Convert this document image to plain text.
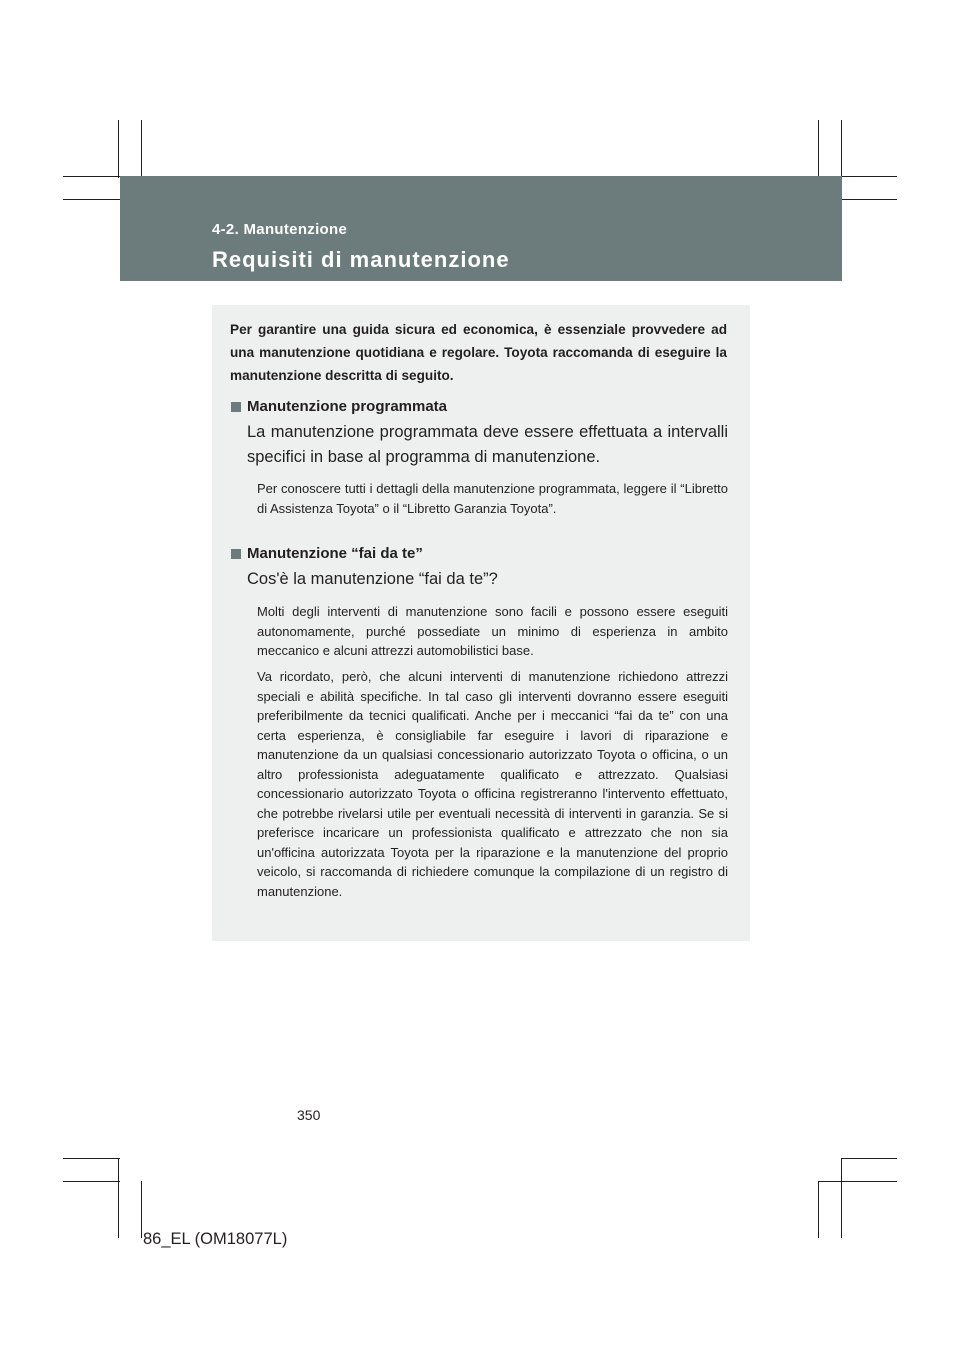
4-2. Manutenzione
Requisiti di manutenzione

Per garantire una guida sicura ed economica, è essenziale provvedere ad una manutenzione quotidiana e regolare. Toyota raccomanda di eseguire la manutenzione descritta di seguito.

Manutenzione programmata

La manutenzione programmata deve essere effettuata a intervalli specifici in base al programma di manutenzione.

Per conoscere tutti i dettagli della manutenzione programmata, leggere il “Libretto di Assistenza Toyota” o il “Libretto Garanzia Toyota”.

Manutenzione “fai da te”

Cos'è la manutenzione “fai da te”?

Molti degli interventi di manutenzione sono facili e possono essere eseguiti autonomamente, purché possediate un minimo di esperienza in ambito meccanico e alcuni attrezzi automobilistici base.

Va ricordato, però, che alcuni interventi di manutenzione richiedono attrezzi speciali e abilità specifiche. In tal caso gli interventi dovranno essere eseguiti preferibilmente da tecnici qualificati. Anche per i meccanici “fai da te” con una certa esperienza, è consigliabile far eseguire i lavori di riparazione e manutenzione da un qualsiasi concessionario autorizzato Toyota o officina, o un altro professionista adeguatamente qualificato e attrezzato. Qualsiasi concessionario autorizzato Toyota o officina registreranno l'intervento effettuato, che potrebbe rivelarsi utile per eventuali necessità di interventi in garanzia. Se si preferisce incaricare un professionista qualificato e attrezzato che non sia un'officina autorizzata Toyota per la riparazione e la manutenzione del proprio veicolo, si raccomanda di richiedere comunque la compilazione di un registro di manutenzione.

350
86_EL (OM18077L)
